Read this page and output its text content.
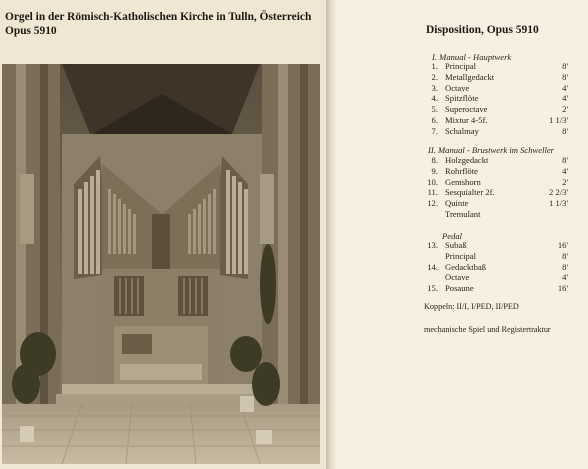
Orgel in der Römisch-Katholischen Kirche in Tulln, Österreich
Opus 5910	Disposition, Opus 5910
I. Manual - Hauptwerk
1. Principal	8'
2. Metallgedackt	8'
3. Octave	4'
4. Spitzflöte	4'
5. Superoctave	2'
6. Mixtur 4-5f.	1 1/3'
7. Schalmay	8'
II. Manual - Brustwerk im Schweller
8. Holzgedackt	8'
9. Rohrflöte	4'
10. Gemshorn	2'
11. Sesquialter 2f.	2 2/3'
12. Quinte	1 1/3'
Tremulant
Pedal
13. Subaß	16'
Principal	8'
14. Gedacktbaß	8'
Octave	4'
15. Posaune	16'
Koppeln: II/I, I/PED, II/PED
mechanische Spiel und Registertraktur
